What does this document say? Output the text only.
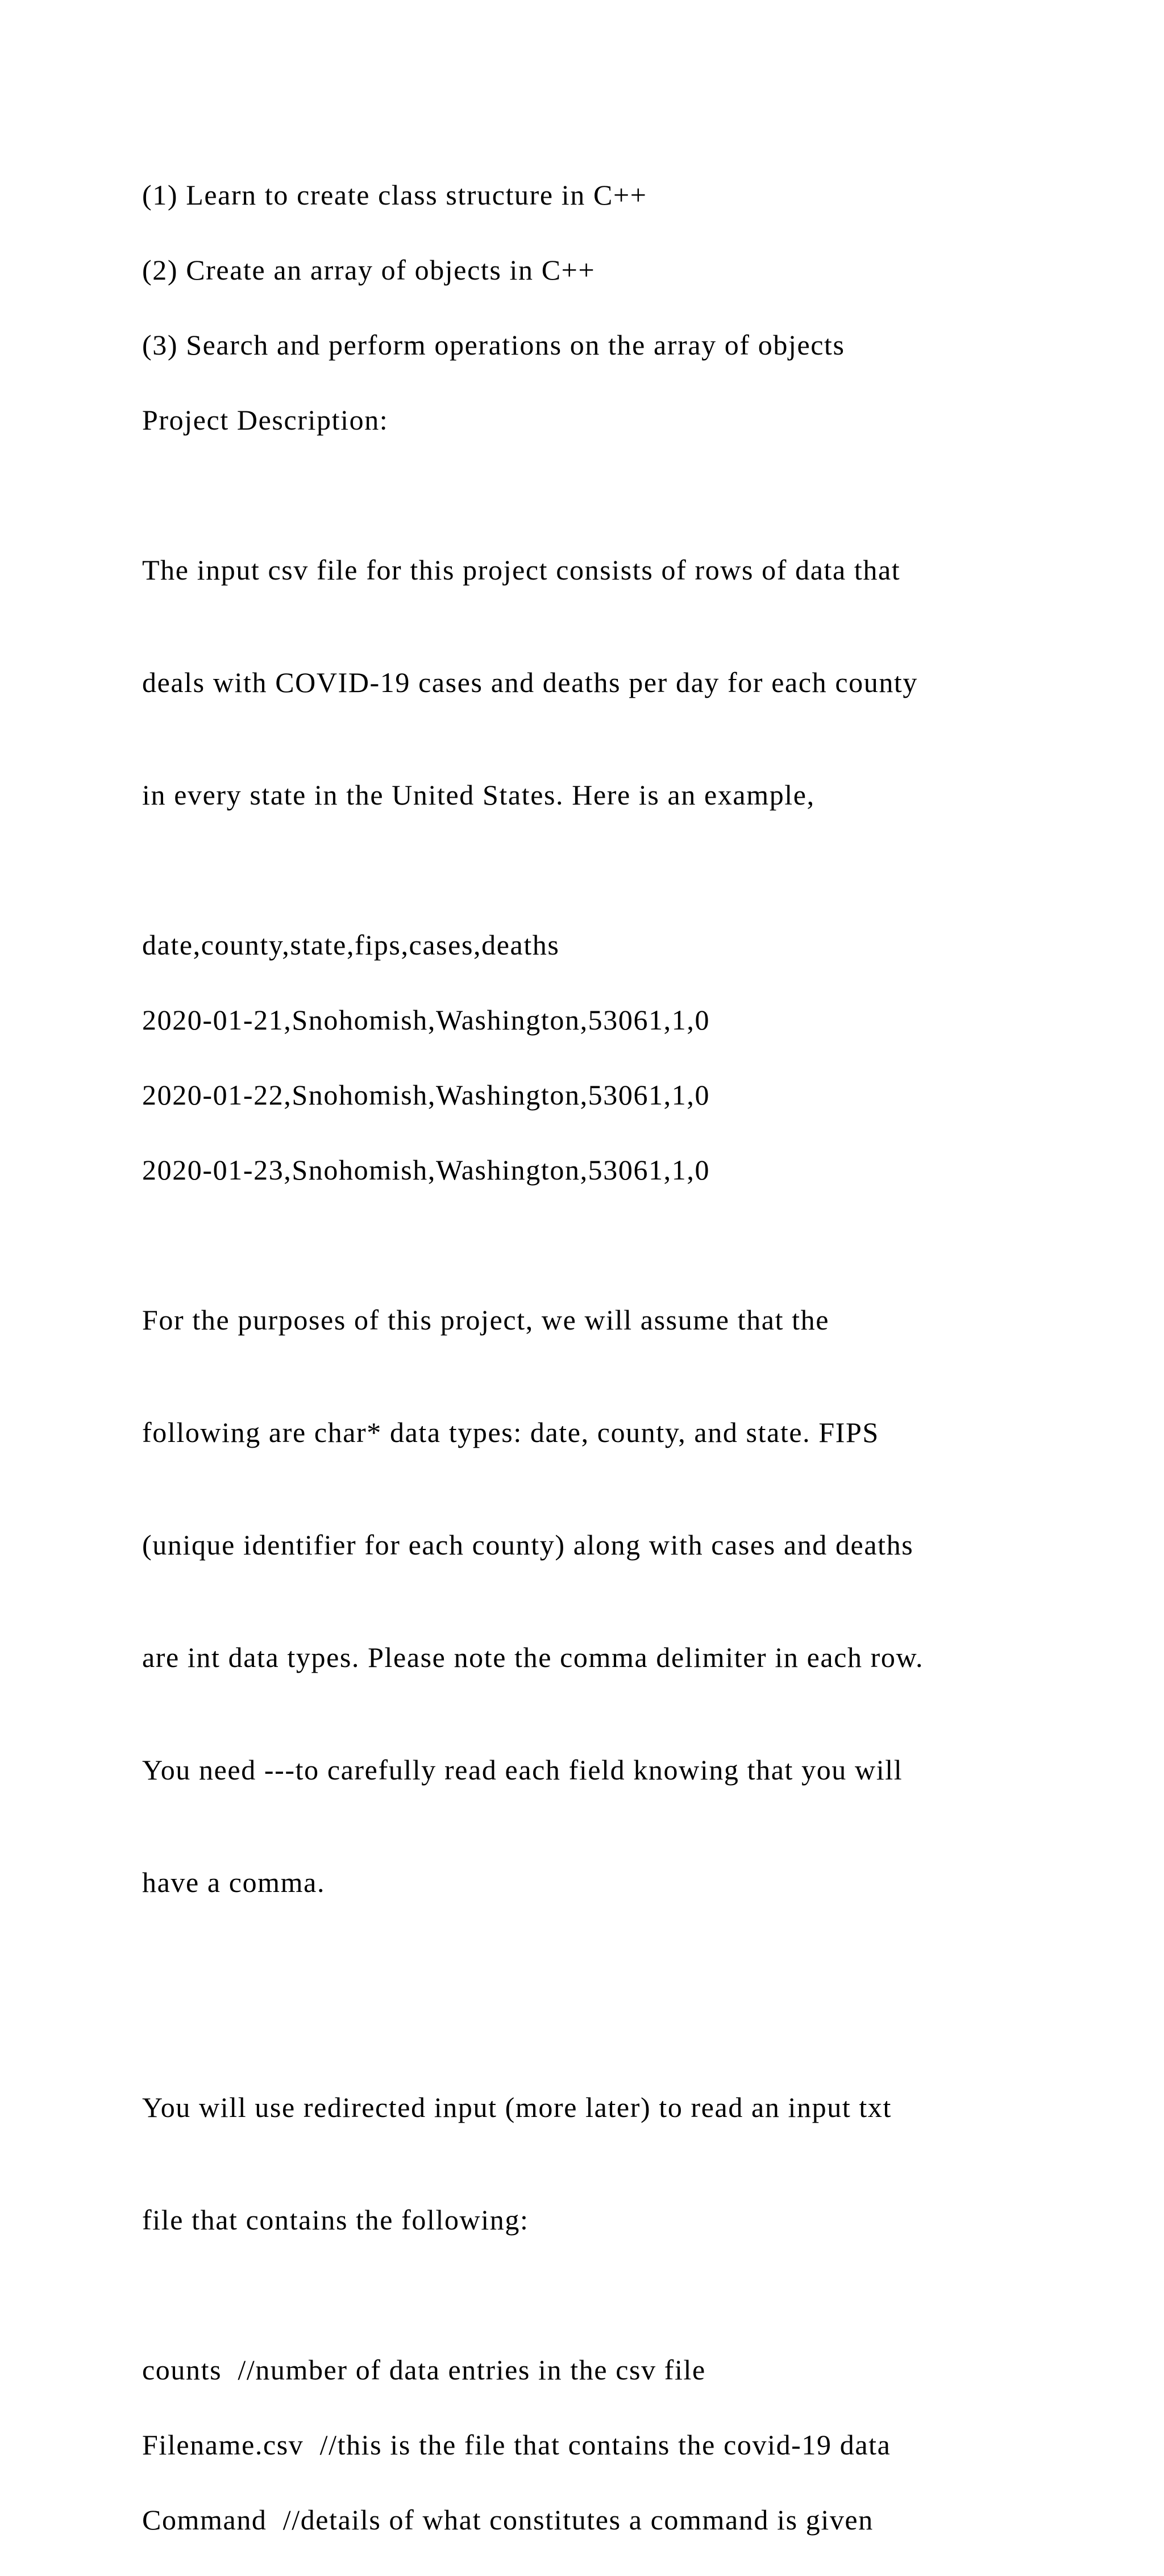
(1) Learn to create class structure in C++

(2) Create an array of objects in C++

(3) Search and perform operations on the array of objects

Project Description:

The input csv file for this project consists of rows of data that

deals with COVID-19 cases and deaths per day for each county

in every state in the United States. Here is an example,

date,county,state,fips,cases,deaths

2020-01-21,Snohomish,Washington,53061,1,0

2020-01-22,Snohomish,Washington,53061,1,0

2020-01-23,Snohomish,Washington,53061,1,0

For the purposes of this project, we will assume that the

following are char* data types: date, county, and state. FIPS

(unique identifier for each county) along with cases and deaths

are int data types. Please note the comma delimiter in each row.

You need ---to carefully read each field knowing that you will

have a comma.

You will use redirected input (more later) to read an input txt

file that contains the following:

counts  //number of data entries in the csv file

Filename.csv  //this is the file that contains the covid-19 data

Command  //details of what constitutes a command is given
